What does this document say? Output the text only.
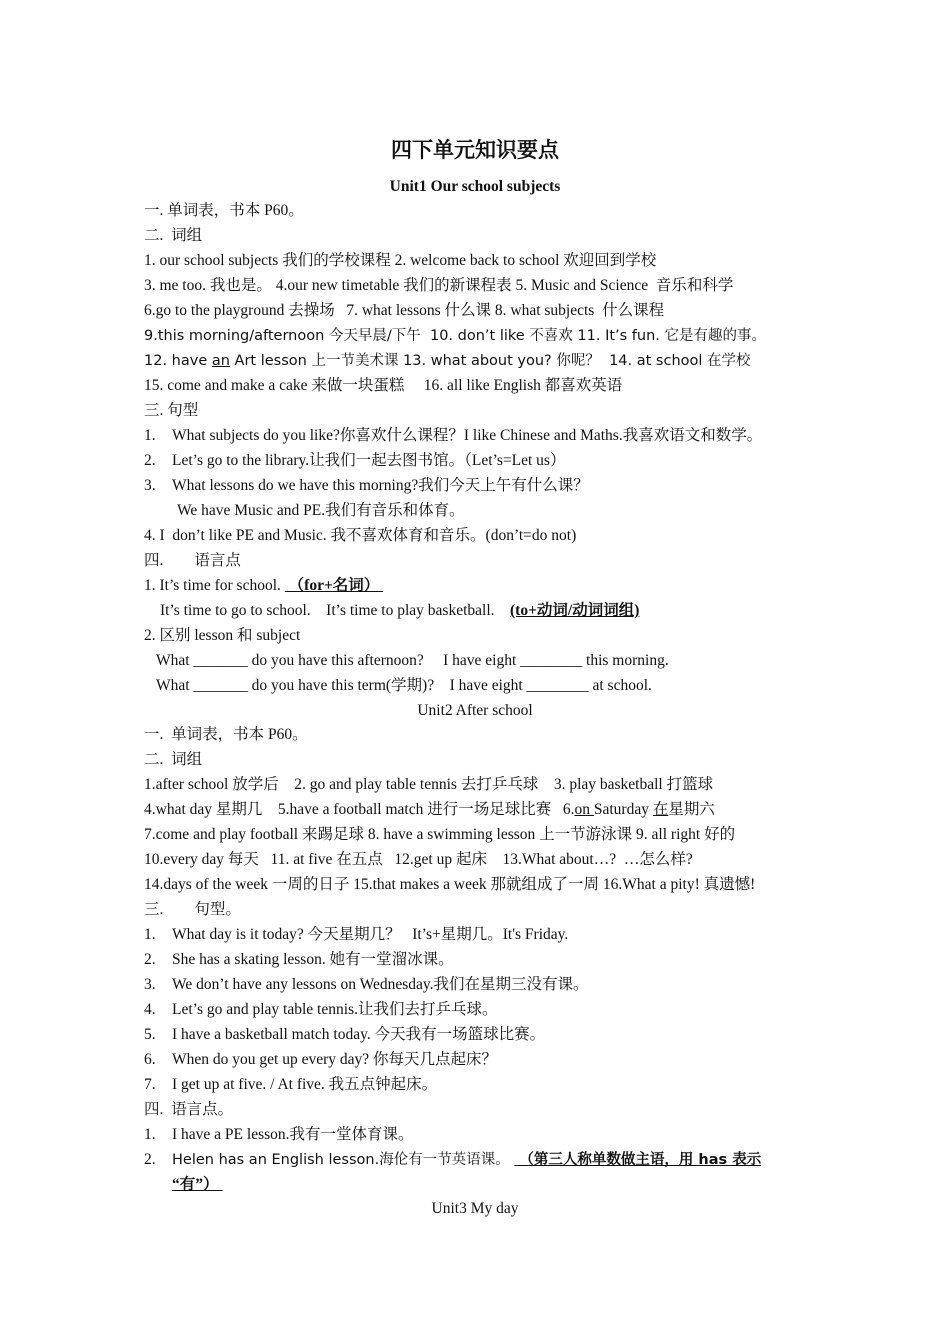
四下单元知识要点
Unit1 Our school subjects
一. 单词表，书本 P60。
二.  词组
1. our school subjects 我们的学校课程 2. welcome back to school 欢迎回到学校
3. me too. 我也是。 4.our new timetable 我们的新课程表 5. Music and Science  音乐和科学
6.go to the playground 去操场   7. what lessons 什么课 8. what subjects  什么课程
9.this morning/afternoon 今天早晨/下午  10. don’t like 不喜欢 11. It’s fun. 它是有趣的事。
12. have an Art lesson 上一节美术课 13. what about you? 你呢？  14. at school 在学校
15. come and make a cake 来做一块蛋糕     16. all like English 都喜欢英语
三. 句型
1. What subjects do you like?你喜欢什么课程？I like Chinese and Maths.我喜欢语文和数学。
2. Let’s go to the library.让我们一起去图书馆。（Let’s=Let us）
3. What lessons do we have this morning?我们今天上午有什么课？
We have Music and PE.我们有音乐和体育。
4. I  don’t like PE and Music. 我不喜欢体育和音乐。(don’t=do not)
四.        语言点
1. It’s time for school.  （for+名词）
It’s time to go to school.    It’s time to play basketball.    (to+动词/动词词组)
2. 区别 lesson 和 subject
What _______ do you have this afternoon?     I have eight ________ this morning.
What _______ do you have this term(学期)?    I have eight ________ at school.
Unit2 After school
一.  单词表，书本 P60。
二.  词组
1.after school 放学后    2. go and play table tennis 去打乒乓球    3. play basketball 打篮球
4.what day 星期几    5.have a football match 进行一场足球比赛   6.on Saturday 在星期六
7.come and play football 来踢足球 8. have a swimming lesson 上一节游泳课 9. all right 好的
10.every day 每天   11. at five 在五点   12.get up 起床    13.What about…?  …怎么样?
14.days of the week 一周的日子 15.that makes a week 那就组成了一周 16.What a pity! 真遗憾!
三.        句型。
1. What day is it today? 今天星期几？   It’s+星期几。It's Friday.
2. She has a skating lesson. 她有一堂溜冰课。
3. We don’t have any lessons on Wednesday.我们在星期三没有课。
4. Let’s go and play table tennis.让我们去打乒乓球。
5. I have a basketball match today. 今天我有一场篮球比赛。
6. When do you get up every day? 你每天几点起床？
7. I get up at five. / At five. 我五点钟起床。
四.  语言点。
1. I have a PE lesson.我有一堂体育课。
2. Helen has an English lesson.海伦有一节英语课。  （第三人称单数做主语，用 has 表示
“有”）
Unit3 My day
